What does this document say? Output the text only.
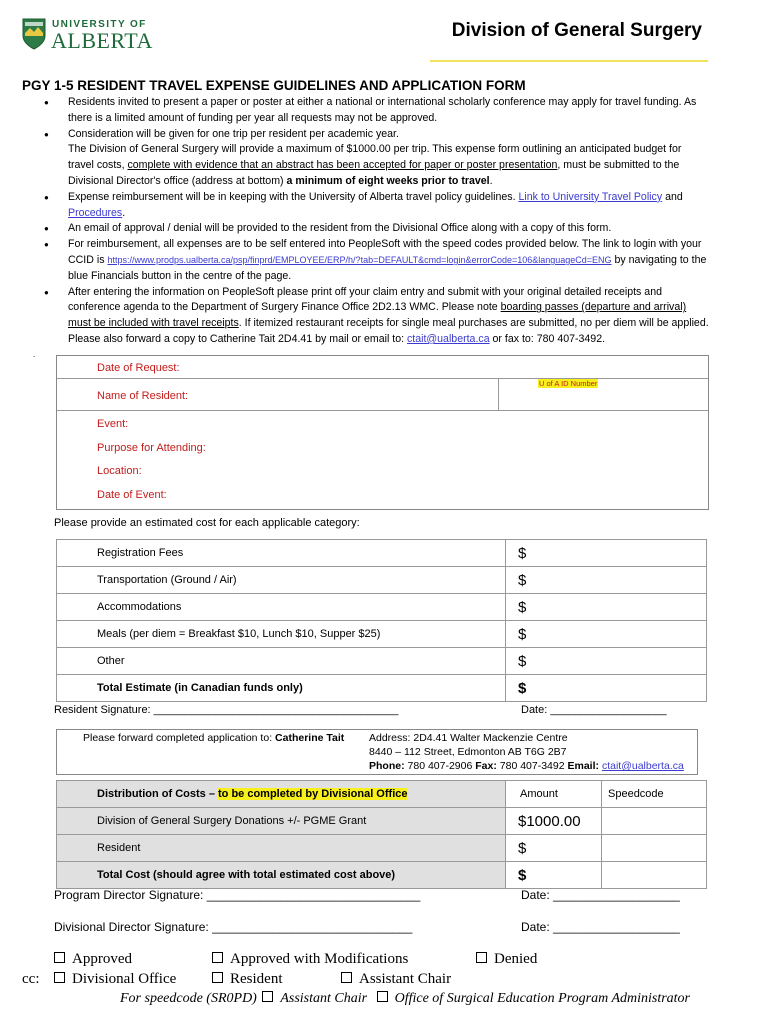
UNIVERSITY OF
ALBERTA	Division of General Surgery
PGY 1-5 RESIDENT TRAVEL EXPENSE GUIDELINES AND APPLICATION FORM
● Residents invited to present a paper or poster at either a national or international scholarly conference may apply for travel funding. As there is a limited amount of funding per year all requests may not be approved.
● Consideration will be given for one trip per resident per academic year.
The Division of General Surgery will provide a maximum of $1000.00 per trip. This expense form outlining an anticipated budget for travel costs, complete with evidence that an abstract has been accepted for paper or poster presentation, must be submitted to the Divisional Director's office (address at bottom) a minimum of eight weeks prior to travel.
● Expense reimbursement will be in keeping with the University of Alberta travel policy guidelines. Link to University Travel Policy and Procedures.
● An email of approval / denial will be provided to the resident from the Divisional Office along with a copy of this form.
● For reimbursement, all expenses are to be self entered into PeopleSoft with the speed codes provided below. The link to login with your CCID is https://www.prodps.ualberta.ca/psp/finprd/EMPLOYEE/ERP/h/?tab=DEFAULT&cmd=login&errorCode=106&languageCd=ENG by navigating to the blue Financials button in the centre of the page.
● After entering the information on PeopleSoft please print off your claim entry and submit with your original detailed receipts and conference agenda to the Department of Surgery Finance Office 2D2.13 WMC. Please note boarding passes (departure and arrival) must be included with travel receipts. If itemized restaurant receipts for single meal purchases are submitted, no per diem will be applied. Please also forward a copy to Catherine Tait 2D4.41 by mail or email to: ctait@ualberta.ca or fax to: 780 407-3492.
.
Date of Request:
Name of Resident:
U of A ID Number
Event:
Purpose for Attending:
Location:
Date of Event:
Please provide an estimated cost for each applicable category:
Registration Fees	$
Transportation (Ground / Air)	$
Accommodations	$
Meals (per diem = Breakfast $10, Lunch $10, Supper $25)	$
Other	$
Total Estimate (in Canadian funds only)	$
Resident Signature: ________________________________________	Date: ___________________
Please forward completed application to: Catherine Tait Address: 2D4.41 Walter Mackenzie Centre
8440 – 112 Street, Edmonton AB T6G 2B7
Phone: 780 407-2906 Fax: 780 407-3492 Email: ctait@ualberta.ca
Distribution of Costs – to be completed by Divisional Office	Amount	Speedcode
Division of General Surgery Donations +/- PGME Grant	$1000.00	
Resident	$	
Total Cost (should agree with total estimated cost above)	$	
Program Director Signature: ________________________________	Date: ___________________
Divisional Director Signature: ______________________________	Date: ___________________
Approved	Approved with Modifications	Denied
cc:	Divisional Office	Resident	Assistant Chair
For speedcode (SR0PD) Assistant Chair Office of Surgical Education Program Administrator
